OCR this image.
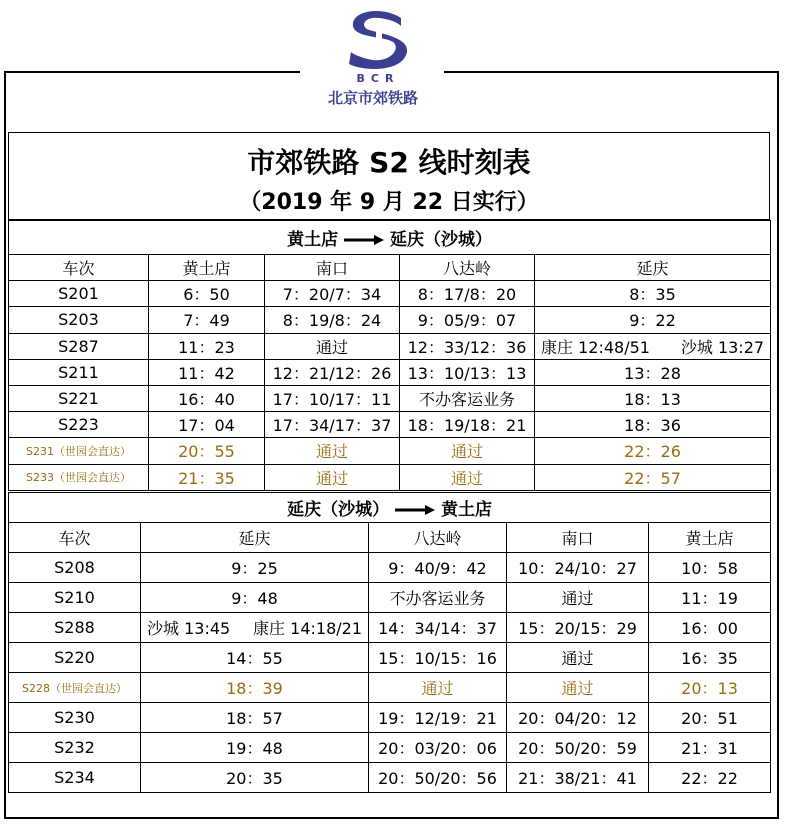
BCR
北京市郊铁路
市郊铁路 S2 线时刻表
（2019 年 9 月 22 日实行）
黄土店 延庆（沙城）				
车次	黄土店	南口	八达岭	延庆
S201	6：50	7：20/7：34	8：17/8：20	8：35
S203	7：49	8：19/8：24	9：05/9：07	9：22
S287	11：23	通过	12：33/12：36	康庄 12:48/51 沙城 13:27

S211	11：42	12：21/12：26	13：10/13：13	13：28
S221	16：40	17：10/17：11	不办客运业务	18：13
S223	17：04	17：34/17：37	18：19/18：21	18：36
S231（世园会直达）	20：55	通过	通过	22：26
S233（世园会直达）	21：35	通过	通过	22：57
延庆（沙城） 黄土店				
车次	延庆	八达岭	南口	黄土店
S208	9：25	9：40/9：42	10：24/10：27	10：58
S210	9：48	不办客运业务	通过	11：19
S288	沙城 13:45 康庄 14:18/21	14：34/14：37	15：20/15：29	16：00
S220	14：55	15：10/15：16	通过	16：35
S228（世园会直达）	18：39	通过	通过	20：13
S230	18：57	19：12/19：21	20：04/20：12	20：51
S232	19：48	20：03/20：06	20：50/20：59	21：31
S234	20：35	20：50/20：56	21：38/21：41	22：22
